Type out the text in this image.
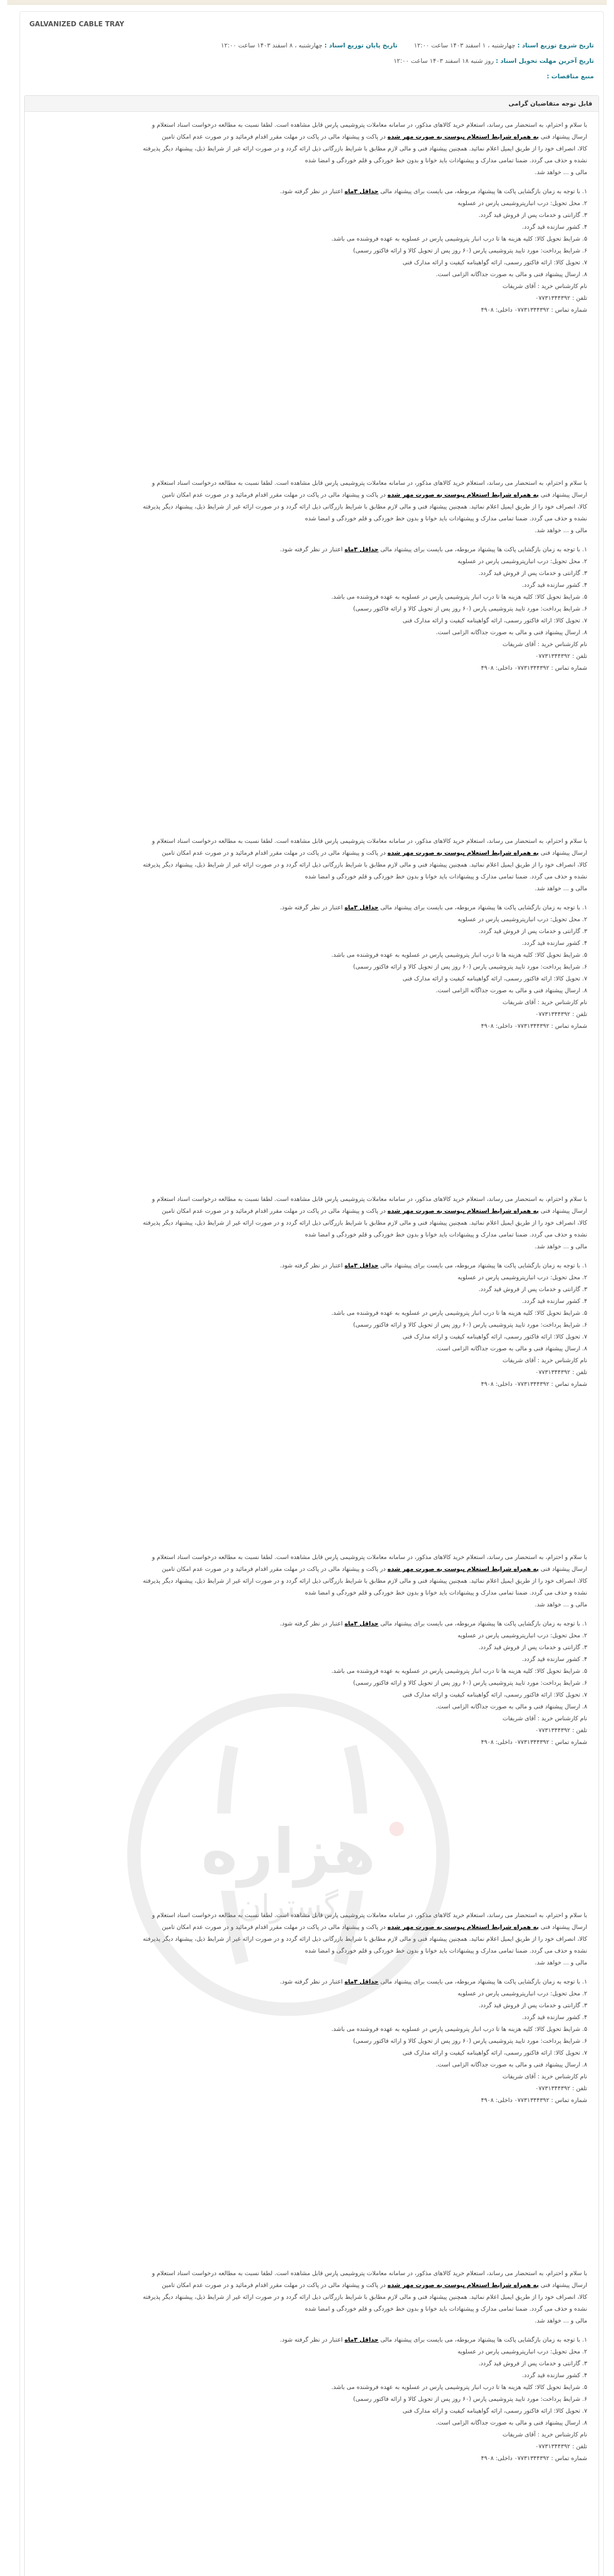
GALVANIZED CABLE TRAY
تاریخ شروع توزیع اسناد : چهارشنبه ، ۱ اسفند ۱۴۰۳ ساعت ۱۲:۰۰ تاریخ پایان توزیع اسناد : چهارشنبه ، ۸ اسفند ۱۴۰۳ ساعت ۱۲:۰۰
تاریخ آخرین مهلت تحویل اسناد : روز شنبه ۱۸ اسفند ۱۴۰۳ ساعت ۱۲:۰۰
منبع مناقصات :
قابل توجه متقاضیان گرامی

با سلام و احترام، به استحضار می رساند، استعلام خرید کالاهای مذکور، در سامانه معاملات پتروشیمی پارس قابل مشاهده است. لطفا نسبت به مطالعه درخواست اسناد استعلام و

ارسال پیشنهاد فنی به همراه شرایط استعلام پیوست به صورت مهر شده در پاکت و پیشنهاد مالی در پاکت در مهلت مقرر اقدام فرمائید و در صورت عدم امکان تامین

کالا، انصراف خود را از طریق ایمیل اعلام نمائید. همچنین پیشنهاد فنی و مالی لازم مطابق با شرایط بازرگانی ذیل ارائه گردد و در صورت ارائه غیر از شرایط ذیل، پیشنهاد دیگر پذیرفته

نشده و حذف می گردد. ضمنا تمامی مدارک و پیشنهادات باید خوانا و بدون خط خوردگی و قلم خوردگی و امضا شده

مالی و ... خواهد شد.

۱. با توجه به زمان بازگشایی پاکت ها پیشنهاد مربوطه، می بایست برای پیشنهاد مالی حداقل ۳ماه اعتبار در نظر گرفته شود.

۲. محل تحویل: درب انبارپتروشیمی پارس در عسلویه

۳. گارانتی و خدمات پس از فروش قید گردد.

۴. کشور سازنده قید گردد.

۵. شرایط تحویل کالا: کلیه هزینه ها تا درب انبار پتروشیمی پارس در عسلویه به عهده فروشنده می باشد.

۶. شرایط پرداخت: مورد تایید پتروشیمی پارس (۶۰ روز پس از تحویل کالا و ارائه فاکتور رسمی)

۷. تحویل کالا: ارائه فاکتور رسمی، ارائه گواهینامه کیفیت و ارائه مدارک فنی

۸. ارسال پیشنهاد فنی و مالی به صورت جداگانه الزامی است.

نام کارشناس خرید : آقای شریفات

تلفن : ۰۷۷۳۱۳۴۴۳۹۲

شماره تماس : ۰۷۷۳۱۳۴۴۳۹۲ داخلی: ۴۹۰۸

با سلام و احترام، به استحضار می رساند، استعلام خرید کالاهای مذکور، در سامانه معاملات پتروشیمی پارس قابل مشاهده است. لطفا نسبت به مطالعه درخواست اسناد استعلام و

ارسال پیشنهاد فنی به همراه شرایط استعلام پیوست به صورت مهر شده در پاکت و پیشنهاد مالی در پاکت در مهلت مقرر اقدام فرمائید و در صورت عدم امکان تامین

کالا، انصراف خود را از طریق ایمیل اعلام نمائید. همچنین پیشنهاد فنی و مالی لازم مطابق با شرایط بازرگانی ذیل ارائه گردد و در صورت ارائه غیر از شرایط ذیل، پیشنهاد دیگر پذیرفته

نشده و حذف می گردد. ضمنا تمامی مدارک و پیشنهادات باید خوانا و بدون خط خوردگی و قلم خوردگی و امضا شده

مالی و ... خواهد شد.

۱. با توجه به زمان بازگشایی پاکت ها پیشنهاد مربوطه، می بایست برای پیشنهاد مالی حداقل ۳ماه اعتبار در نظر گرفته شود.

۲. محل تحویل: درب انبارپتروشیمی پارس در عسلویه

۳. گارانتی و خدمات پس از فروش قید گردد.

۴. کشور سازنده قید گردد.

۵. شرایط تحویل کالا: کلیه هزینه ها تا درب انبار پتروشیمی پارس در عسلویه به عهده فروشنده می باشد.

۶. شرایط پرداخت: مورد تایید پتروشیمی پارس (۶۰ روز پس از تحویل کالا و ارائه فاکتور رسمی)

۷. تحویل کالا: ارائه فاکتور رسمی، ارائه گواهینامه کیفیت و ارائه مدارک فنی

۸. ارسال پیشنهاد فنی و مالی به صورت جداگانه الزامی است.

نام کارشناس خرید : آقای شریفات

تلفن : ۰۷۷۳۱۳۴۴۳۹۲

شماره تماس : ۰۷۷۳۱۳۴۴۳۹۲ داخلی: ۴۹۰۸

با سلام و احترام، به استحضار می رساند، استعلام خرید کالاهای مذکور، در سامانه معاملات پتروشیمی پارس قابل مشاهده است. لطفا نسبت به مطالعه درخواست اسناد استعلام و

ارسال پیشنهاد فنی به همراه شرایط استعلام پیوست به صورت مهر شده در پاکت و پیشنهاد مالی در پاکت در مهلت مقرر اقدام فرمائید و در صورت عدم امکان تامین

کالا، انصراف خود را از طریق ایمیل اعلام نمائید. همچنین پیشنهاد فنی و مالی لازم مطابق با شرایط بازرگانی ذیل ارائه گردد و در صورت ارائه غیر از شرایط ذیل، پیشنهاد دیگر پذیرفته

نشده و حذف می گردد. ضمنا تمامی مدارک و پیشنهادات باید خوانا و بدون خط خوردگی و قلم خوردگی و امضا شده

مالی و ... خواهد شد.

۱. با توجه به زمان بازگشایی پاکت ها پیشنهاد مربوطه، می بایست برای پیشنهاد مالی حداقل ۳ماه اعتبار در نظر گرفته شود.

۲. محل تحویل: درب انبارپتروشیمی پارس در عسلویه

۳. گارانتی و خدمات پس از فروش قید گردد.

۴. کشور سازنده قید گردد.

۵. شرایط تحویل کالا: کلیه هزینه ها تا درب انبار پتروشیمی پارس در عسلویه به عهده فروشنده می باشد.

۶. شرایط پرداخت: مورد تایید پتروشیمی پارس (۶۰ روز پس از تحویل کالا و ارائه فاکتور رسمی)

۷. تحویل کالا: ارائه فاکتور رسمی، ارائه گواهینامه کیفیت و ارائه مدارک فنی

۸. ارسال پیشنهاد فنی و مالی به صورت جداگانه الزامی است.

نام کارشناس خرید : آقای شریفات

تلفن : ۰۷۷۳۱۳۴۴۳۹۲

شماره تماس : ۰۷۷۳۱۳۴۴۳۹۲ داخلی: ۴۹۰۸

با سلام و احترام، به استحضار می رساند، استعلام خرید کالاهای مذکور، در سامانه معاملات پتروشیمی پارس قابل مشاهده است. لطفا نسبت به مطالعه درخواست اسناد استعلام و

ارسال پیشنهاد فنی به همراه شرایط استعلام پیوست به صورت مهر شده در پاکت و پیشنهاد مالی در پاکت در مهلت مقرر اقدام فرمائید و در صورت عدم امکان تامین

کالا، انصراف خود را از طریق ایمیل اعلام نمائید. همچنین پیشنهاد فنی و مالی لازم مطابق با شرایط بازرگانی ذیل ارائه گردد و در صورت ارائه غیر از شرایط ذیل، پیشنهاد دیگر پذیرفته

نشده و حذف می گردد. ضمنا تمامی مدارک و پیشنهادات باید خوانا و بدون خط خوردگی و قلم خوردگی و امضا شده

مالی و ... خواهد شد.

۱. با توجه به زمان بازگشایی پاکت ها پیشنهاد مربوطه، می بایست برای پیشنهاد مالی حداقل ۳ماه اعتبار در نظر گرفته شود.

۲. محل تحویل: درب انبارپتروشیمی پارس در عسلویه

۳. گارانتی و خدمات پس از فروش قید گردد.

۴. کشور سازنده قید گردد.

۵. شرایط تحویل کالا: کلیه هزینه ها تا درب انبار پتروشیمی پارس در عسلویه به عهده فروشنده می باشد.

۶. شرایط پرداخت: مورد تایید پتروشیمی پارس (۶۰ روز پس از تحویل کالا و ارائه فاکتور رسمی)

۷. تحویل کالا: ارائه فاکتور رسمی، ارائه گواهینامه کیفیت و ارائه مدارک فنی

۸. ارسال پیشنهاد فنی و مالی به صورت جداگانه الزامی است.

نام کارشناس خرید : آقای شریفات

تلفن : ۰۷۷۳۱۳۴۴۳۹۲

شماره تماس : ۰۷۷۳۱۳۴۴۳۹۲ داخلی: ۴۹۰۸

با سلام و احترام، به استحضار می رساند، استعلام خرید کالاهای مذکور، در سامانه معاملات پتروشیمی پارس قابل مشاهده است. لطفا نسبت به مطالعه درخواست اسناد استعلام و

ارسال پیشنهاد فنی به همراه شرایط استعلام پیوست به صورت مهر شده در پاکت و پیشنهاد مالی در پاکت در مهلت مقرر اقدام فرمائید و در صورت عدم امکان تامین

کالا، انصراف خود را از طریق ایمیل اعلام نمائید. همچنین پیشنهاد فنی و مالی لازم مطابق با شرایط بازرگانی ذیل ارائه گردد و در صورت ارائه غیر از شرایط ذیل، پیشنهاد دیگر پذیرفته

نشده و حذف می گردد. ضمنا تمامی مدارک و پیشنهادات باید خوانا و بدون خط خوردگی و قلم خوردگی و امضا شده

مالی و ... خواهد شد.

۱. با توجه به زمان بازگشایی پاکت ها پیشنهاد مربوطه، می بایست برای پیشنهاد مالی حداقل ۳ماه اعتبار در نظر گرفته شود.

۲. محل تحویل: درب انبارپتروشیمی پارس در عسلویه

۳. گارانتی و خدمات پس از فروش قید گردد.

۴. کشور سازنده قید گردد.

۵. شرایط تحویل کالا: کلیه هزینه ها تا درب انبار پتروشیمی پارس در عسلویه به عهده فروشنده می باشد.

۶. شرایط پرداخت: مورد تایید پتروشیمی پارس (۶۰ روز پس از تحویل کالا و ارائه فاکتور رسمی)

۷. تحویل کالا: ارائه فاکتور رسمی، ارائه گواهینامه کیفیت و ارائه مدارک فنی

۸. ارسال پیشنهاد فنی و مالی به صورت جداگانه الزامی است.

نام کارشناس خرید : آقای شریفات

تلفن : ۰۷۷۳۱۳۴۴۳۹۲

شماره تماس : ۰۷۷۳۱۳۴۴۳۹۲ داخلی: ۴۹۰۸

با سلام و احترام، به استحضار می رساند، استعلام خرید کالاهای مذکور، در سامانه معاملات پتروشیمی پارس قابل مشاهده است. لطفا نسبت به مطالعه درخواست اسناد استعلام و

ارسال پیشنهاد فنی به همراه شرایط استعلام پیوست به صورت مهر شده در پاکت و پیشنهاد مالی در پاکت در مهلت مقرر اقدام فرمائید و در صورت عدم امکان تامین

کالا، انصراف خود را از طریق ایمیل اعلام نمائید. همچنین پیشنهاد فنی و مالی لازم مطابق با شرایط بازرگانی ذیل ارائه گردد و در صورت ارائه غیر از شرایط ذیل، پیشنهاد دیگر پذیرفته

نشده و حذف می گردد. ضمنا تمامی مدارک و پیشنهادات باید خوانا و بدون خط خوردگی و قلم خوردگی و امضا شده

مالی و ... خواهد شد.

۱. با توجه به زمان بازگشایی پاکت ها پیشنهاد مربوطه، می بایست برای پیشنهاد مالی حداقل ۳ماه اعتبار در نظر گرفته شود.

۲. محل تحویل: درب انبارپتروشیمی پارس در عسلویه

۳. گارانتی و خدمات پس از فروش قید گردد.

۴. کشور سازنده قید گردد.

۵. شرایط تحویل کالا: کلیه هزینه ها تا درب انبار پتروشیمی پارس در عسلویه به عهده فروشنده می باشد.

۶. شرایط پرداخت: مورد تایید پتروشیمی پارس (۶۰ روز پس از تحویل کالا و ارائه فاکتور رسمی)

۷. تحویل کالا: ارائه فاکتور رسمی، ارائه گواهینامه کیفیت و ارائه مدارک فنی

۸. ارسال پیشنهاد فنی و مالی به صورت جداگانه الزامی است.

نام کارشناس خرید : آقای شریفات

تلفن : ۰۷۷۳۱۳۴۴۳۹۲

شماره تماس : ۰۷۷۳۱۳۴۴۳۹۲ داخلی: ۴۹۰۸

با سلام و احترام، به استحضار می رساند، استعلام خرید کالاهای مذکور، در سامانه معاملات پتروشیمی پارس قابل مشاهده است. لطفا نسبت به مطالعه درخواست اسناد استعلام و

ارسال پیشنهاد فنی به همراه شرایط استعلام پیوست به صورت مهر شده در پاکت و پیشنهاد مالی در پاکت در مهلت مقرر اقدام فرمائید و در صورت عدم امکان تامین

کالا، انصراف خود را از طریق ایمیل اعلام نمائید. همچنین پیشنهاد فنی و مالی لازم مطابق با شرایط بازرگانی ذیل ارائه گردد و در صورت ارائه غیر از شرایط ذیل، پیشنهاد دیگر پذیرفته

نشده و حذف می گردد. ضمنا تمامی مدارک و پیشنهادات باید خوانا و بدون خط خوردگی و قلم خوردگی و امضا شده

مالی و ... خواهد شد.

۱. با توجه به زمان بازگشایی پاکت ها پیشنهاد مربوطه، می بایست برای پیشنهاد مالی حداقل ۳ماه اعتبار در نظر گرفته شود.

۲. محل تحویل: درب انبارپتروشیمی پارس در عسلویه

۳. گارانتی و خدمات پس از فروش قید گردد.

۴. کشور سازنده قید گردد.

۵. شرایط تحویل کالا: کلیه هزینه ها تا درب انبار پتروشیمی پارس در عسلویه به عهده فروشنده می باشد.

۶. شرایط پرداخت: مورد تایید پتروشیمی پارس (۶۰ روز پس از تحویل کالا و ارائه فاکتور رسمی)

۷. تحویل کالا: ارائه فاکتور رسمی، ارائه گواهینامه کیفیت و ارائه مدارک فنی

۸. ارسال پیشنهاد فنی و مالی به صورت جداگانه الزامی است.

نام کارشناس خرید : آقای شریفات

تلفن : ۰۷۷۳۱۳۴۴۳۹۲

شماره تماس : ۰۷۷۳۱۳۴۴۳۹۲ داخلی: ۴۹۰۸
